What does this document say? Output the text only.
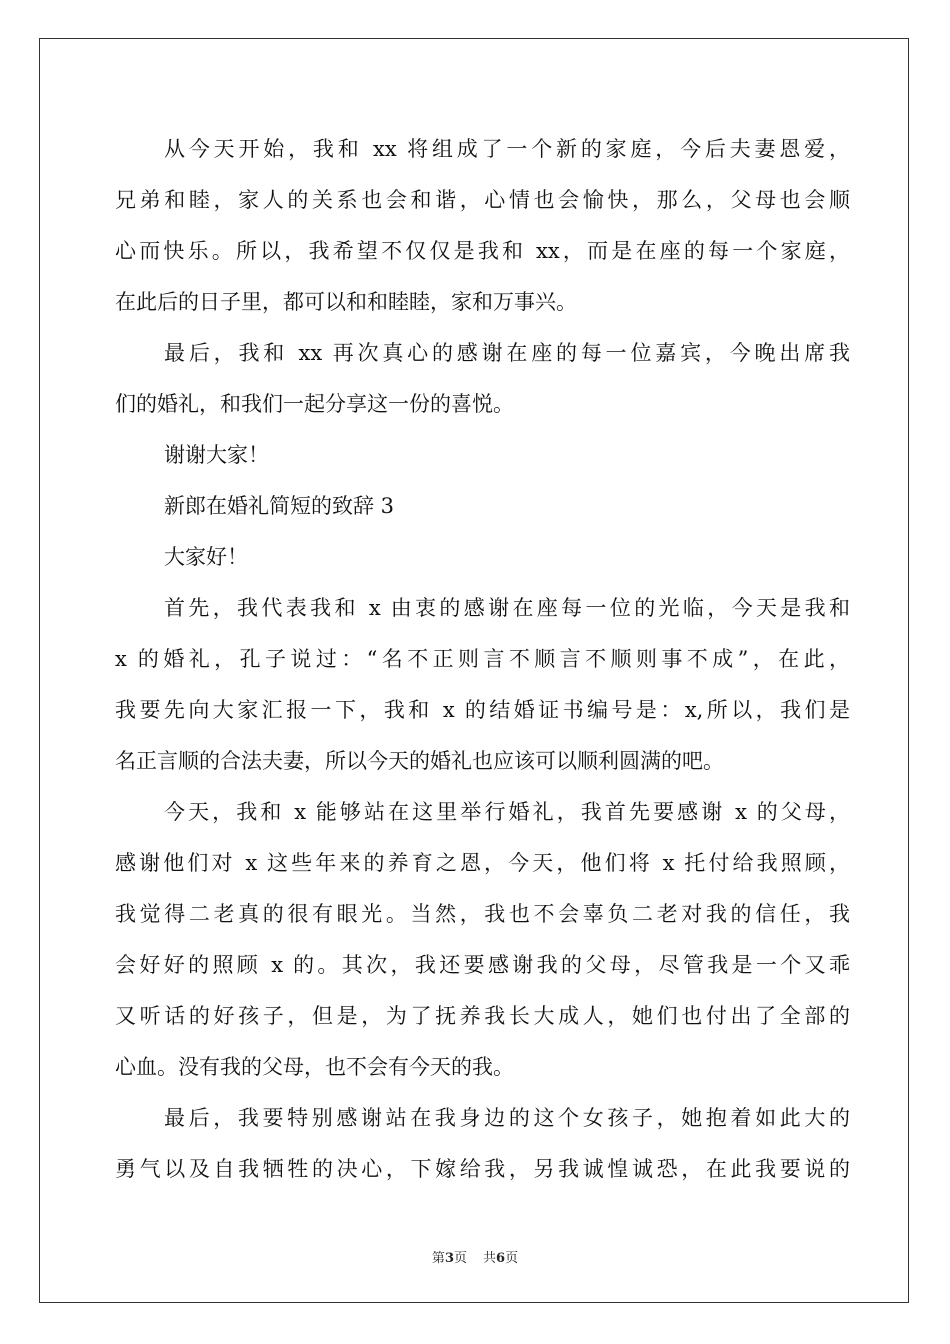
从今天开始，我和 xx 将组成了一个新的家庭，今后夫妻恩爱，
兄弟和睦，家人的关系也会和谐，心情也会愉快，那么，父母也会顺
心而快乐。所以，我希望不仅仅是我和 xx，而是在座的每一个家庭，
在此后的日子里，都可以和和睦睦，家和万事兴。
最后，我和 xx 再次真心的感谢在座的每一位嘉宾，今晚出席我
们的婚礼，和我们一起分享这一份的喜悦。
谢谢大家！
新郎在婚礼简短的致辞 3
大家好！
首先，我代表我和 x 由衷的感谢在座每一位的光临，今天是我和
x 的婚礼，孔子说过：“名不正则言不顺言不顺则事不成”，在此，
我要先向大家汇报一下，我和 x 的结婚证书编号是：x,所以，我们是
名正言顺的合法夫妻，所以今天的婚礼也应该可以顺利圆满的吧。
今天，我和 x 能够站在这里举行婚礼，我首先要感谢 x 的父母，
感谢他们对 x 这些年来的养育之恩，今天，他们将 x 托付给我照顾，
我觉得二老真的很有眼光。当然，我也不会辜负二老对我的信任，我
会好好的照顾 x 的。其次，我还要感谢我的父母，尽管我是一个又乖
又听话的好孩子，但是，为了抚养我长大成人，她们也付出了全部的
心血。没有我的父母，也不会有今天的我。
最后，我要特别感谢站在我身边的这个女孩子，她抱着如此大的
勇气以及自我牺牲的决心，下嫁给我，另我诚惶诚恐，在此我要说的
第3页 共6页
